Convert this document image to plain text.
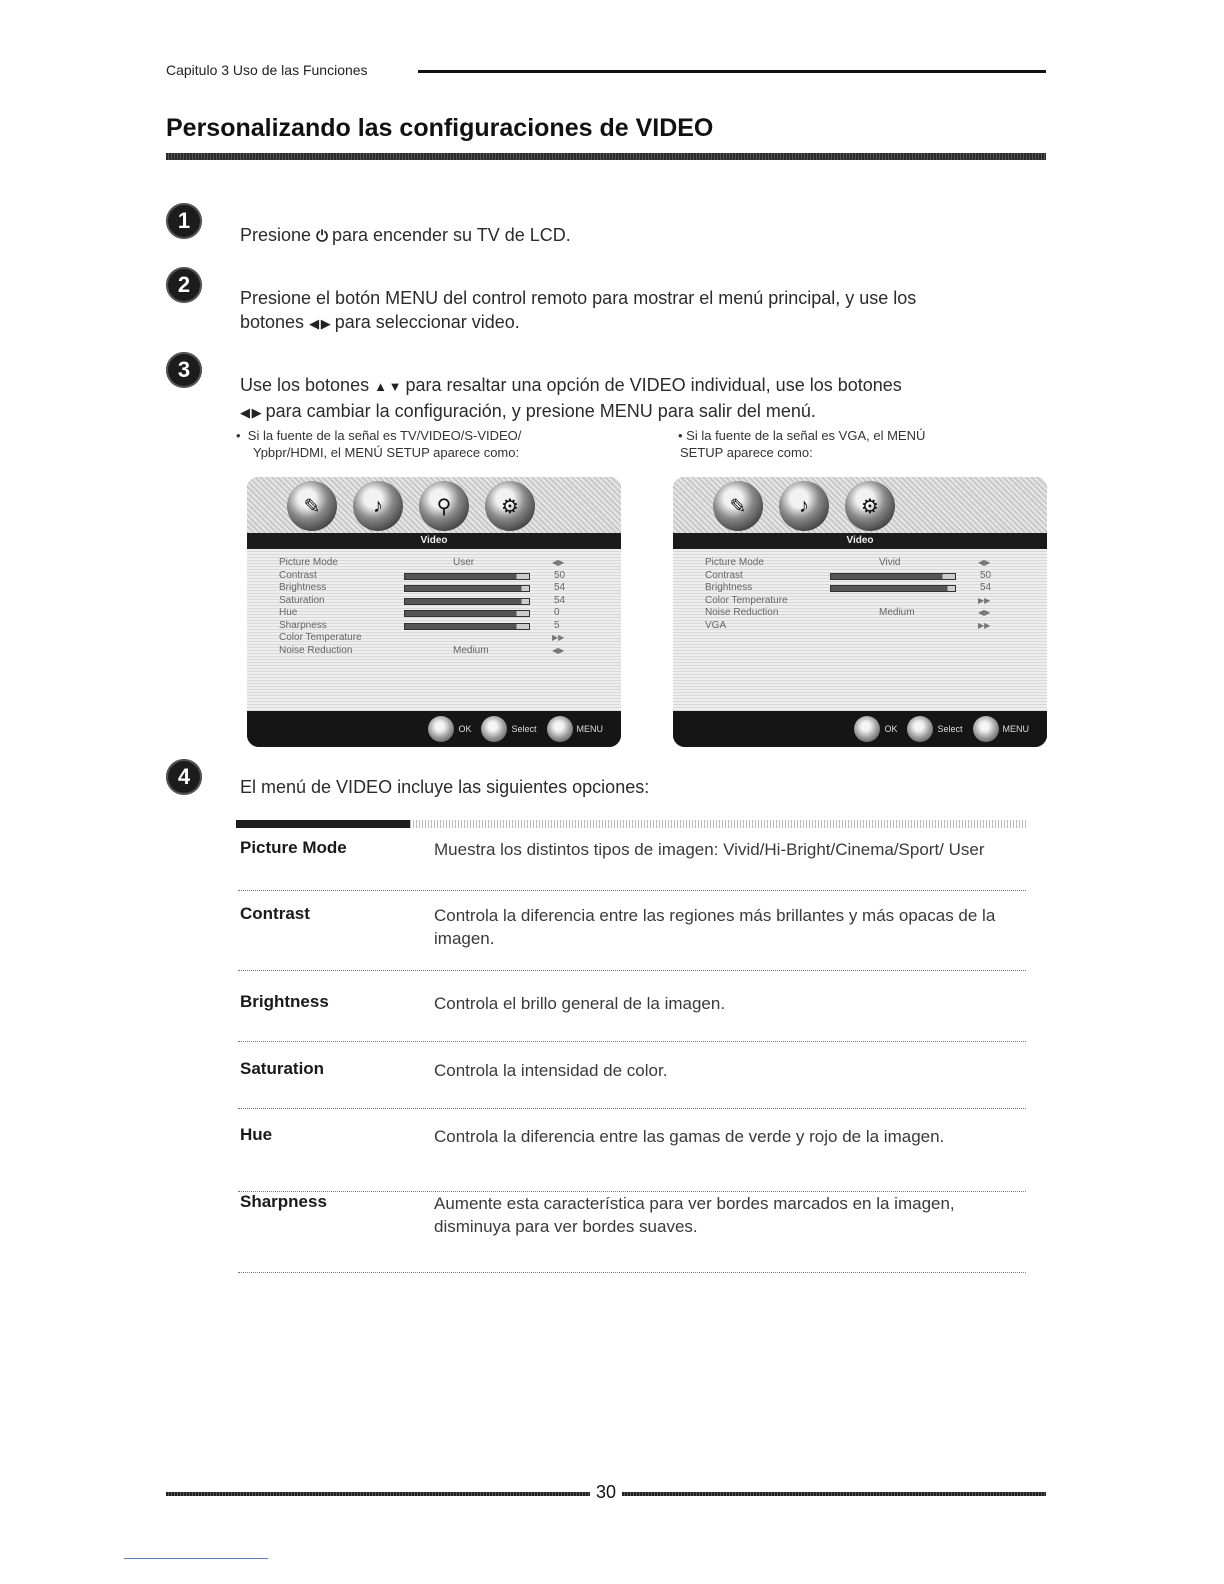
Capitulo 3 Uso de las Funciones
Personalizando las configuraciones de VIDEO
1
Presione ⏻ para encender su TV de LCD.
2
Presione el botón MENU del control remoto para mostrar el menú principal, y use los
botones ◀ ▶ para seleccionar video.
3
Use los botones ▲ ▼ para resaltar una opción de VIDEO individual, use los botones
◀ ▶ para cambiar la configuración, y presione MENU para salir del menú.
•  Si la fuente de la señal es TV/VIDEO/S-VIDEO/
Ypbpr/HDMI, el MENÚ SETUP aparece como:
• Si la fuente de la señal es VGA, el MENÚ
SETUP aparece como:
✎	♪	⚲	⚙
Video
Picture Mode	User	◀▶
Contrast	50
Brightness	54
Saturation	54
Hue	0
Sharpness	5
Color Temperature	▶▶
Noise Reduction	Medium	◀▶
OK	Select	MENU
✎	♪	⚙
Video
Picture Mode	Vivid	◀▶
Contrast	50
Brightness	54
Color Temperature	▶▶
Noise Reduction	Medium	◀▶
VGA	▶▶
OK	Select	MENU
4	El menú de VIDEO incluye las siguientes opciones:
Picture Mode	Muestra los distintos tipos de imagen: Vivid/Hi-Bright/Cinema/Sport/ User
Contrast	Controla la diferencia entre las regiones más brillantes y más opacas de la imagen.
Brightness	Controla el brillo general de la imagen.
Saturation	Controla la intensidad de color.
Hue	Controla la diferencia entre las gamas de verde y rojo de la imagen.
Sharpness	Aumente esta característica para ver bordes marcados en la imagen, disminuya para ver bordes suaves.
30
